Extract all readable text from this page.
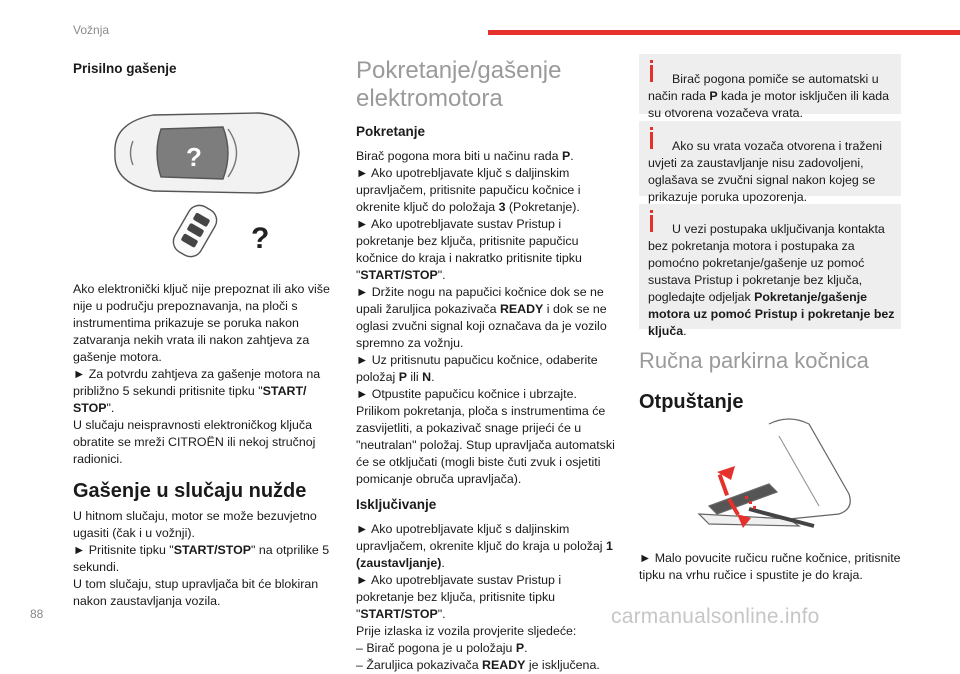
Vožnja

Prisilno gašenje

?
?

Ako elektronički ključ nije prepoznat ili ako više nije u području prepoznavanja, na ploči s instrumentima prikazuje se poruka nakon zatvaranja nekih vrata ili nakon zahtjeva za gašenje motora.

► Za potvrdu zahtjeva za gašenje motora na približno 5 sekundi pritisnite tipku "START/ STOP".

U slučaju neispravnosti elektroničkog ključa obratite se mreži CITROËN ili nekoj stručnoj radionici.

Gašenje u slučaju nužde

U hitnom slučaju, motor se može bezuvjetno ugasiti (čak i u vožnji).

► Pritisnite tipku "START/STOP" na otprilike 5 sekundi.

U tom slučaju, stup upravljača bit će blokiran nakon zaustavljanja vozila.

Pokretanje/gašenje elektromotora

Pokretanje

Birač pogona mora biti u načinu rada P.

► Ako upotrebljavate ključ s daljinskim upravljačem, pritisnite papučicu kočnice i okrenite ključ do položaja 3 (Pokretanje).

► Ako upotrebljavate sustav Pristup i pokretanje bez ključa, pritisnite papučicu kočnice do kraja i nakratko pritisnite tipku "START/STOP".

► Držite nogu na papučici kočnice dok se ne upali žaruljica pokazivača READY i dok se ne oglasi zvučni signal koji označava da je vozilo spremno za vožnju.

► Uz pritisnutu papučicu kočnice, odaberite položaj P ili N.

► Otpustite papučicu kočnice i ubrzajte.

Prilikom pokretanja, ploča s instrumentima će zasvijetliti, a pokazivač snage prijeći će u "neutralan" položaj. Stup upravljača automatski će se otključati (mogli biste čuti zvuk i osjetiti pomicanje obruča upravljača).

Isključivanje

► Ako upotrebljavate ključ s daljinskim upravljačem, okrenite ključ do kraja u položaj 1 (zaustavljanje).

► Ako upotrebljavate sustav Pristup i pokretanje bez ključa, pritisnite tipku "START/STOP".

Prije izlaska iz vozila provjerite sljedeće:

– Birač pogona je u položaju P.

– Žaruljica pokazivača READY je isključena.

Birač pogona pomiče se automatski u način rada P kada je motor isključen ili kada su otvorena vozačeva vrata.

Ako su vrata vozača otvorena i traženi uvjeti za zaustavljanje nisu zadovoljeni, oglašava se zvučni signal nakon kojeg se prikazuje poruka upozorenja.

U vezi postupaka uključivanja kontakta bez pokretanja motora i postupaka za pomoćno pokretanje/gašenje uz pomoć sustava Pristup i pokretanje bez ključa, pogledajte odjeljak Pokretanje/gašenje motora uz pomoć Pristup i pokretanje bez ključa.

Ručna parkirna kočnica

Otpuštanje

► Malo povucite ručicu ručne kočnice, pritisnite tipku na vrhu ručice i spustite je do kraja.

88	carmanualsonline.info
